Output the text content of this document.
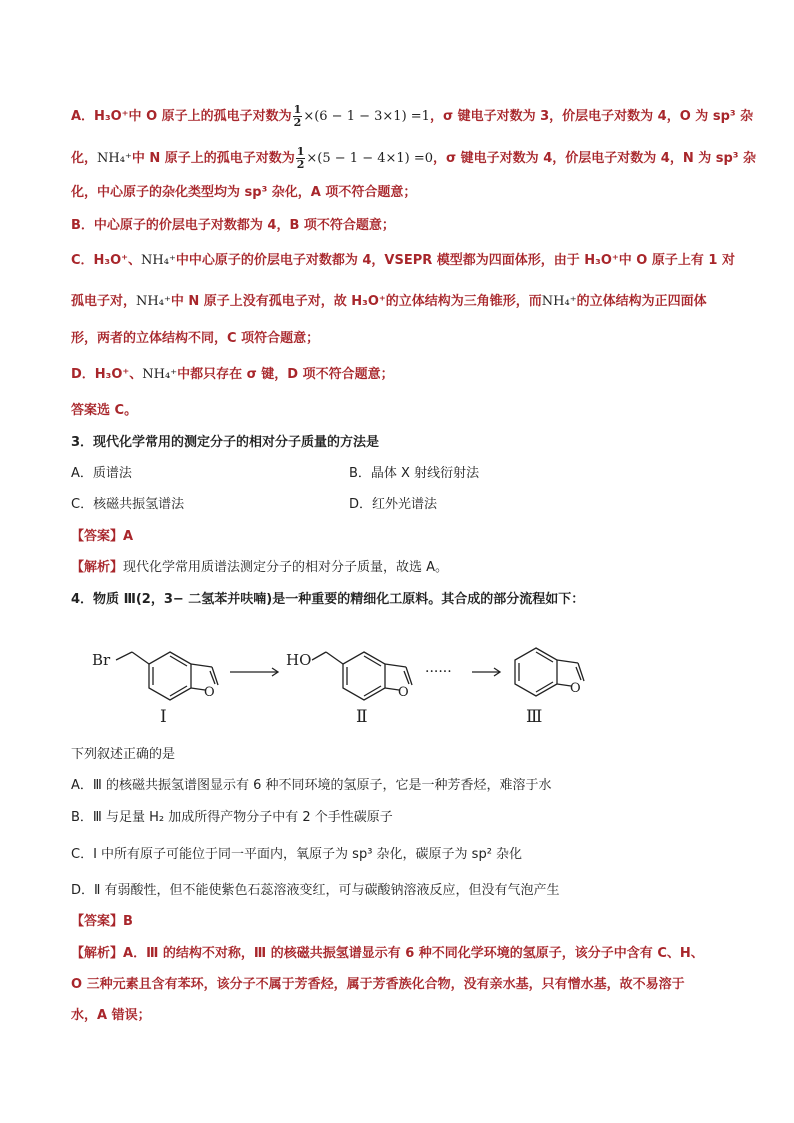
A．H₃O⁺中 O 原子上的孤电子对数为 $\frac{1}{2} \times(6 - 1 - 3\times 1) =1$，σ 键电子对数为 3，价层电子对数为 4，O 为 sp³ 杂
化，NH₄⁺中 N 原子上的孤电子对数为 $\frac{1}{2} \times(5 - 1 - 4\times 1) =0$，σ 键电子对数为 4，价层电子对数为 4，N 为 sp³ 杂
化，中心原子的杂化类型均为 sp³ 杂化，A 项不符合题意；
B．中心原子的价层电子对数都为 4，B 项不符合题意；
C．H₃O⁺、NH₄⁺中中心原子的价层电子对数都为 4，VSEPR 模型都为四面体形，由于 H₃O⁺中 O 原子上有 1 对
孤电子对，NH₄⁺中 N 原子上没有孤电子对，故 H₃O⁺的立体结构为三角锥形，而NH₄⁺的立体结构为正四面体
形，两者的立体结构不同，C 项符合题意；
D．H₃O⁺、NH₄⁺中都只存在 σ 键，D 项不符合题意；
答案选 C。
3．现代化学常用的测定分子的相对分子质量的方法是
A．质谱法	B．晶体 X 射线衍射法
C．核磁共振氢谱法	D．红外光谱法
【答案】A
【解析】现代化学常用质谱法测定分子的相对分子质量，故选 A。
4．物质 Ⅲ(2，3− 二氢苯并呋喃)是一种重要的精细化工原料。其合成的部分流程如下：
Br	HO
O	O	O
······
Ⅰ	Ⅱ	Ⅲ
下列叙述正确的是
A．Ⅲ 的核磁共振氢谱图显示有 6 种不同环境的氢原子，它是一种芳香烃，难溶于水
B．Ⅲ 与足量 H₂ 加成所得产物分子中有 2 个手性碳原子
C．Ⅰ 中所有原子可能位于同一平面内，氧原子为 sp³ 杂化，碳原子为 sp² 杂化
D．Ⅱ 有弱酸性，但不能使紫色石蕊溶液变红，可与碳酸钠溶液反应，但没有气泡产生
【答案】B
【解析】A．Ⅲ 的结构不对称，Ⅲ 的核磁共振氢谱显示有 6 种不同化学环境的氢原子，该分子中含有 C、H、
O 三种元素且含有苯环，该分子不属于芳香烃，属于芳香族化合物，没有亲水基，只有憎水基，故不易溶于
水，A 错误；
